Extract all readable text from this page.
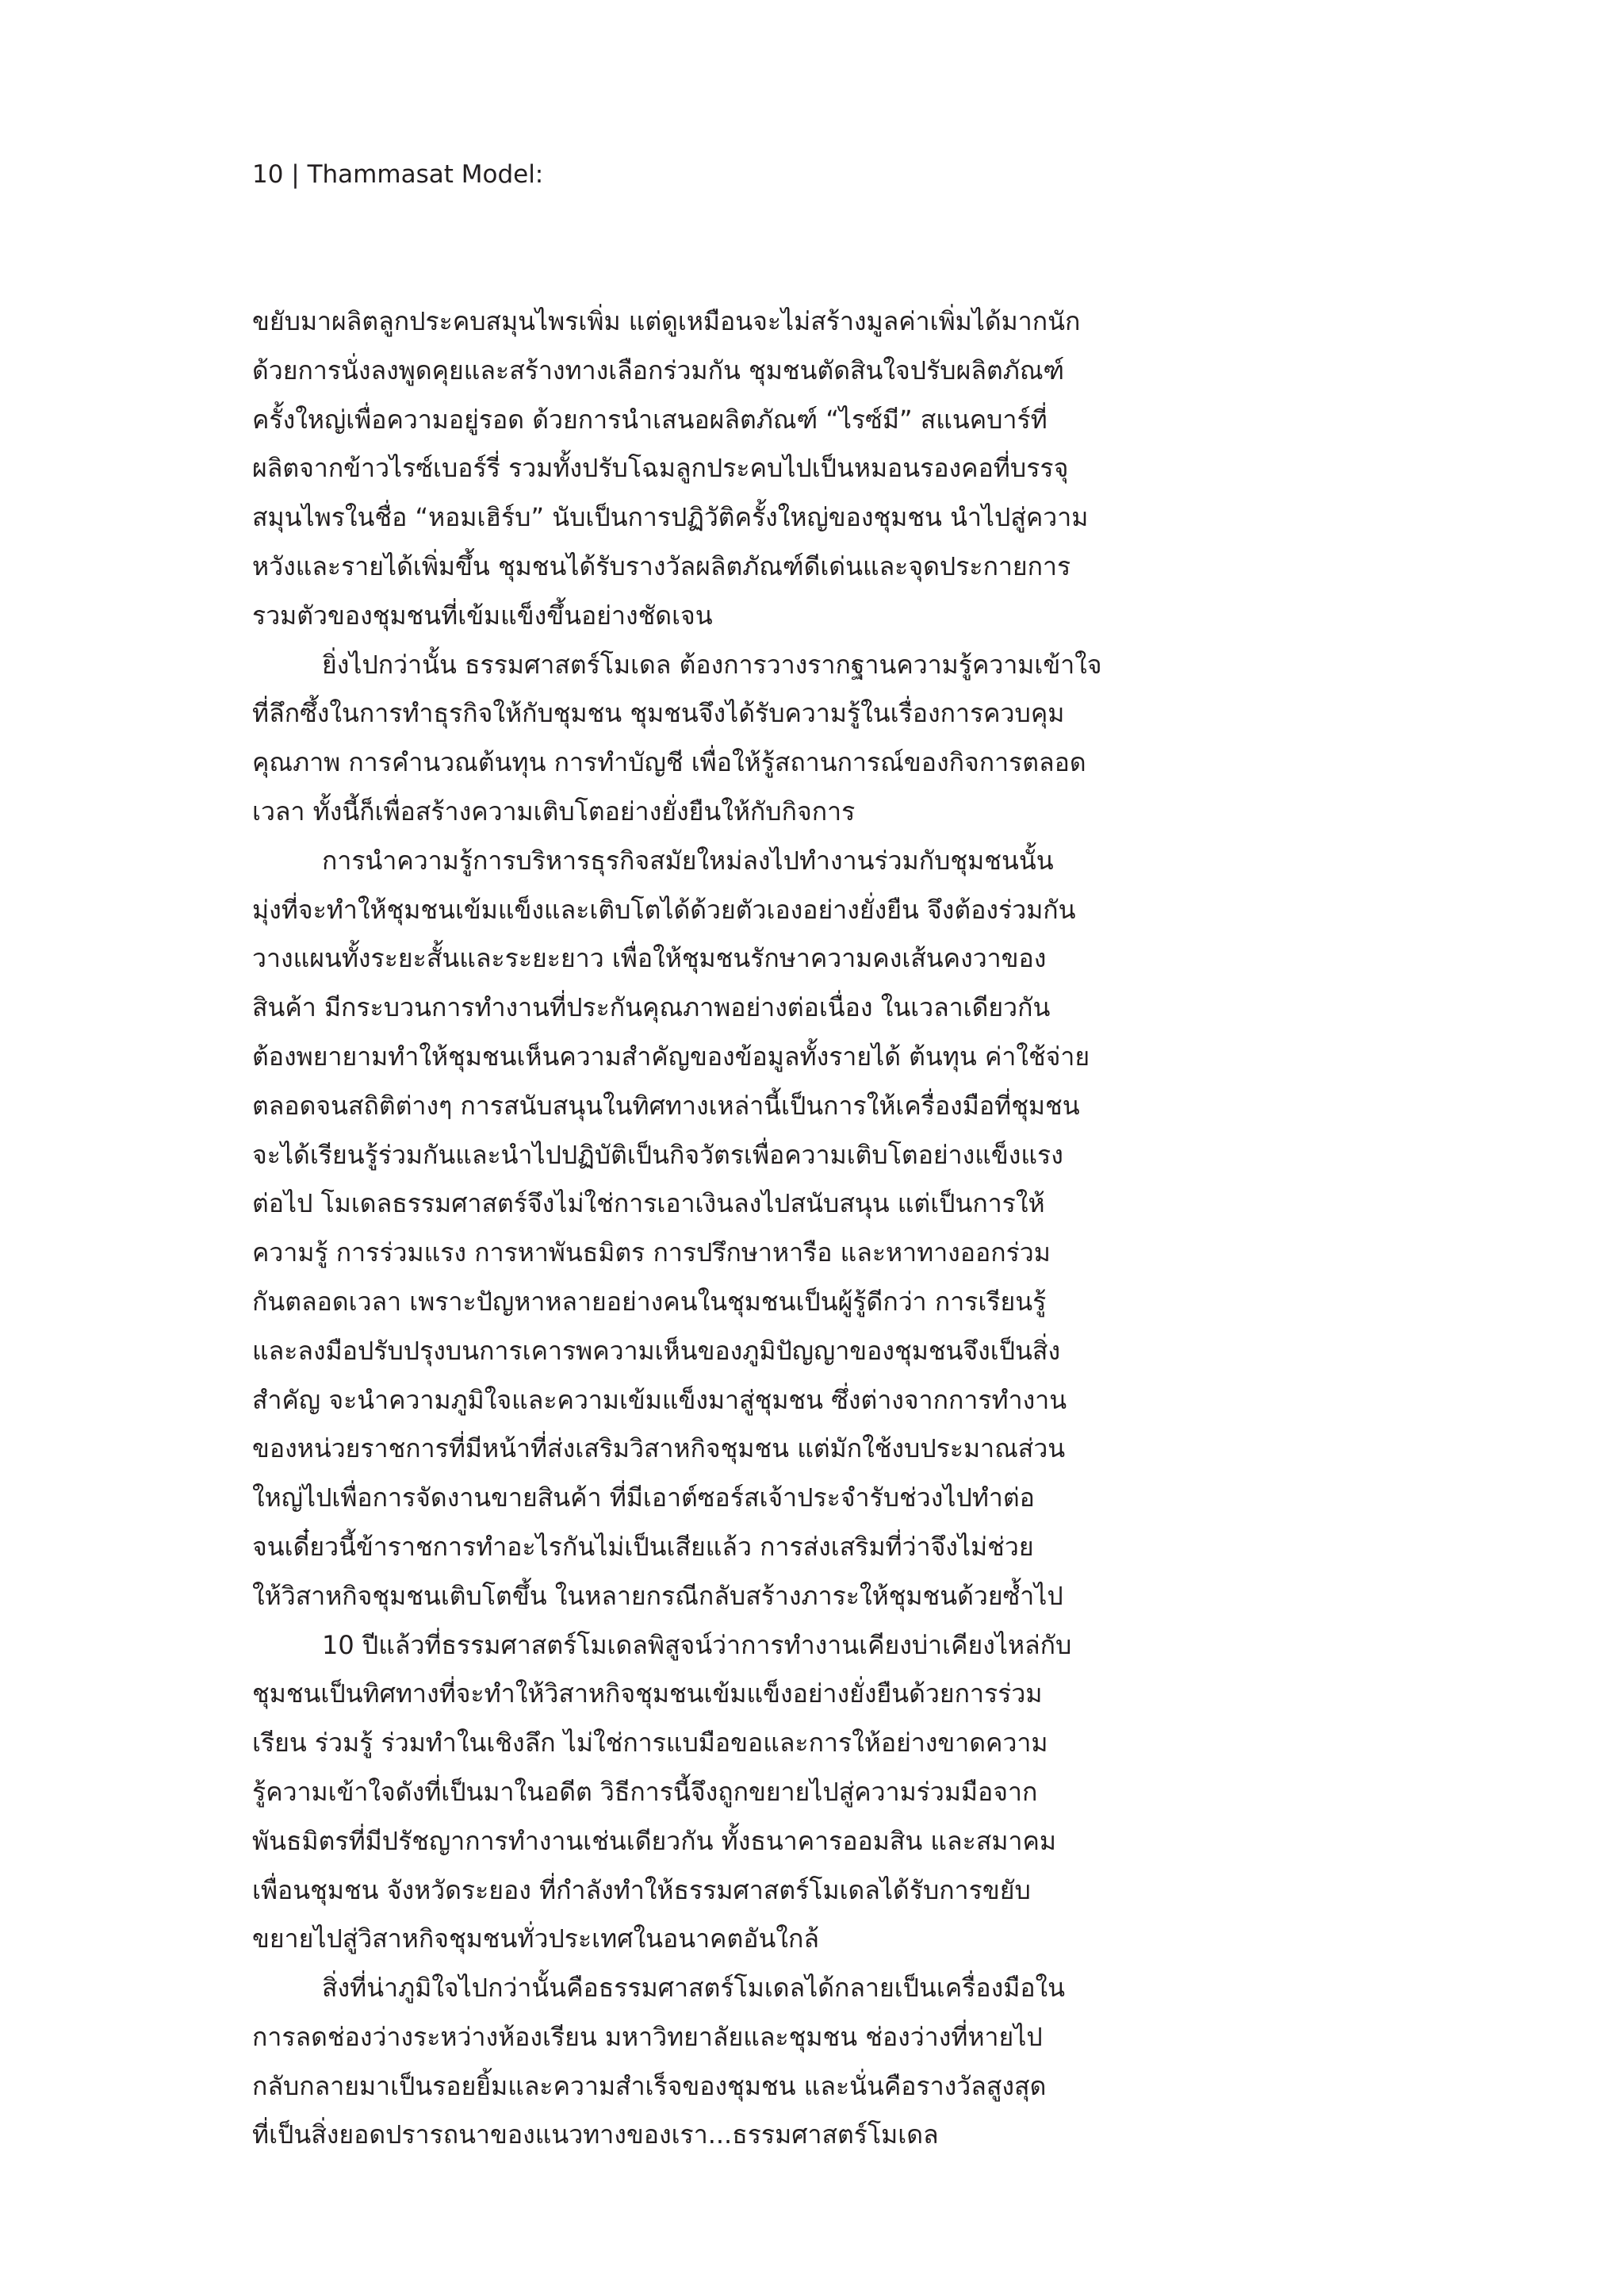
10 | Thammasat Model:
ขยับมาผลิตลูกประคบสมุนไพรเพิ่ม แต่ดูเหมือนจะไม่สร้างมูลค่าเพิ่มได้มากนัก
ด้วยการนั่งลงพูดคุยและสร้างทางเลือกร่วมกัน ชุมชนตัดสินใจปรับผลิตภัณฑ์
ครั้งใหญ่เพื่อความอยู่รอด ด้วยการนำเสนอผลิตภัณฑ์ “ไรซ์มี” สแนคบาร์ที่
ผลิตจากข้าวไรซ์เบอร์รี่ รวมทั้งปรับโฉมลูกประคบไปเป็นหมอนรองคอที่บรรจุ
สมุนไพรในชื่อ “หอมเฮิร์บ” นับเป็นการปฏิวัติครั้งใหญ่ของชุมชน นำไปสู่ความ
หวังและรายได้เพิ่มขึ้น ชุมชนได้รับรางวัลผลิตภัณฑ์ดีเด่นและจุดประกายการ
รวมตัวของชุมชนที่เข้มแข็งขึ้นอย่างชัดเจน
ยิ่งไปกว่านั้น ธรรมศาสตร์โมเดล ต้องการวางรากฐานความรู้ความเข้าใจ
ที่ลึกซึ้งในการทำธุรกิจให้กับชุมชน ชุมชนจึงได้รับความรู้ในเรื่องการควบคุม
คุณภาพ การคำนวณต้นทุน การทำบัญชี เพื่อให้รู้สถานการณ์ของกิจการตลอด
เวลา ทั้งนี้ก็เพื่อสร้างความเติบโตอย่างยั่งยืนให้กับกิจการ
การนำความรู้การบริหารธุรกิจสมัยใหม่ลงไปทำงานร่วมกับชุมชนนั้น
มุ่งที่จะทำให้ชุมชนเข้มแข็งและเติบโตได้ด้วยตัวเองอย่างยั่งยืน จึงต้องร่วมกัน
วางแผนทั้งระยะสั้นและระยะยาว เพื่อให้ชุมชนรักษาความคงเส้นคงวาของ
สินค้า มีกระบวนการทำงานที่ประกันคุณภาพอย่างต่อเนื่อง ในเวลาเดียวกัน
ต้องพยายามทำให้ชุมชนเห็นความสำคัญของข้อมูลทั้งรายได้ ต้นทุน ค่าใช้จ่าย
ตลอดจนสถิติต่างๆ การสนับสนุนในทิศทางเหล่านี้เป็นการให้เครื่องมือที่ชุมชน
จะได้เรียนรู้ร่วมกันและนำไปปฏิบัติเป็นกิจวัตรเพื่อความเติบโตอย่างแข็งแรง
ต่อไป โมเดลธรรมศาสตร์จึงไม่ใช่การเอาเงินลงไปสนับสนุน แต่เป็นการให้
ความรู้ การร่วมแรง การหาพันธมิตร การปรึกษาหารือ และหาทางออกร่วม
กันตลอดเวลา เพราะปัญหาหลายอย่างคนในชุมชนเป็นผู้รู้ดีกว่า การเรียนรู้
และลงมือปรับปรุงบนการเคารพความเห็นของภูมิปัญญาของชุมชนจึงเป็นสิ่ง
สำคัญ จะนำความภูมิใจและความเข้มแข็งมาสู่ชุมชน ซึ่งต่างจากการทำงาน
ของหน่วยราชการที่มีหน้าที่ส่งเสริมวิสาหกิจชุมชน แต่มักใช้งบประมาณส่วน
ใหญ่ไปเพื่อการจัดงานขายสินค้า ที่มีเอาต์ซอร์สเจ้าประจำรับช่วงไปทำต่อ
จนเดี๋ยวนี้ข้าราชการทำอะไรกันไม่เป็นเสียแล้ว การส่งเสริมที่ว่าจึงไม่ช่วย
ให้วิสาหกิจชุมชนเติบโตขึ้น ในหลายกรณีกลับสร้างภาระให้ชุมชนด้วยซ้ำไป
10 ปีแล้วที่ธรรมศาสตร์โมเดลพิสูจน์ว่าการทำงานเคียงบ่าเคียงไหล่กับ
ชุมชนเป็นทิศทางที่จะทำให้วิสาหกิจชุมชนเข้มแข็งอย่างยั่งยืนด้วยการร่วม
เรียน ร่วมรู้ ร่วมทำในเชิงลึก ไม่ใช่การแบมือขอและการให้อย่างขาดความ
รู้ความเข้าใจดังที่เป็นมาในอดีต วิธีการนี้จึงถูกขยายไปสู่ความร่วมมือจาก
พันธมิตรที่มีปรัชญาการทำงานเช่นเดียวกัน ทั้งธนาคารออมสิน และสมาคม
เพื่อนชุมชน จังหวัดระยอง ที่กำลังทำให้ธรรมศาสตร์โมเดลได้รับการขยับ
ขยายไปสู่วิสาหกิจชุมชนทั่วประเทศในอนาคตอันใกล้
สิ่งที่น่าภูมิใจไปกว่านั้นคือธรรมศาสตร์โมเดลได้กลายเป็นเครื่องมือใน
การลดช่องว่างระหว่างห้องเรียน มหาวิทยาลัยและชุมชน ช่องว่างที่หายไป
กลับกลายมาเป็นรอยยิ้มและความสำเร็จของชุมชน และนั่นคือรางวัลสูงสุด
ที่เป็นสิ่งยอดปรารถนาของแนวทางของเรา...ธรรมศาสตร์โมเดล
